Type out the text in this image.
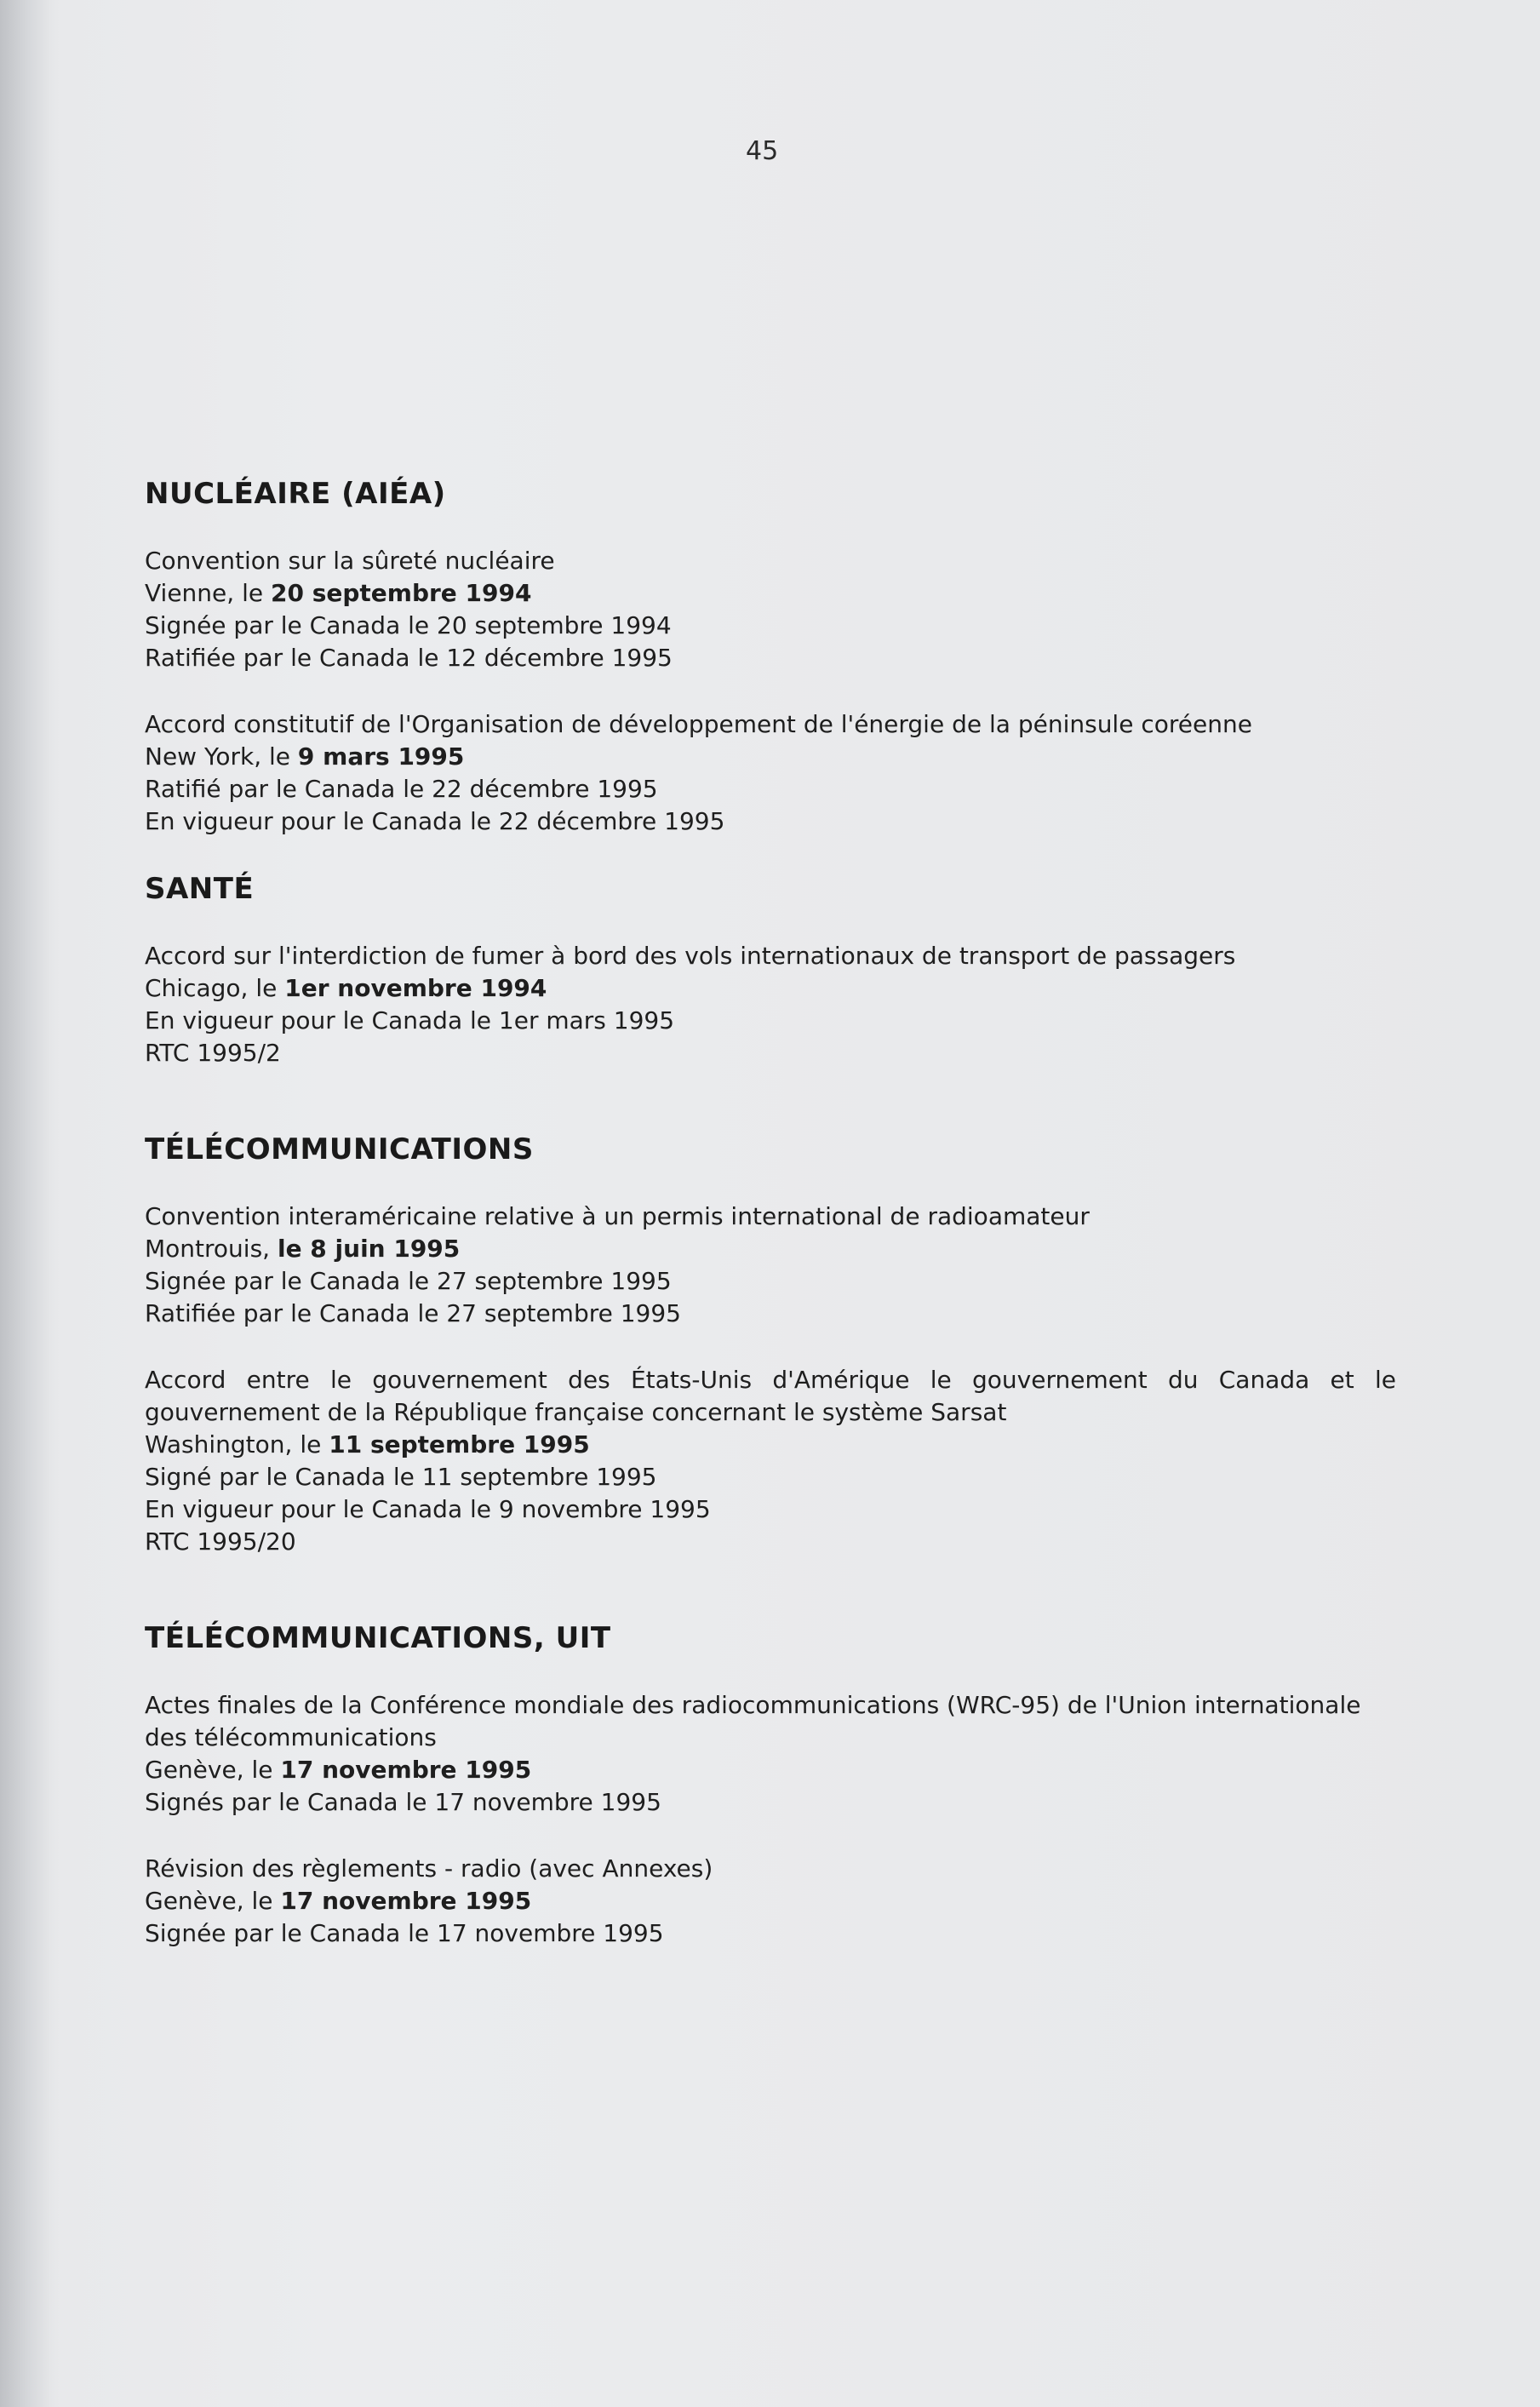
45
NUCLÉAIRE (AIÉA)
Convention sur la sûreté nucléaire
Vienne, le 20 septembre 1994
Signée par le Canada le 20 septembre 1994
Ratifiée par le Canada le 12 décembre 1995
Accord constitutif de l'Organisation de développement de l'énergie de la péninsule coréenne
New York, le 9 mars 1995
Ratifié par le Canada le 22 décembre 1995
En vigueur pour le Canada le 22 décembre 1995
SANTÉ
Accord sur l'interdiction de fumer à bord des vols internationaux de transport de passagers
Chicago, le 1er novembre 1994
En vigueur pour le Canada le 1er mars 1995
RTC 1995/2
TÉLÉCOMMUNICATIONS
Convention interaméricaine relative à un permis international de radioamateur
Montrouis, le 8 juin 1995
Signée par le Canada le 27 septembre 1995
Ratifiée par le Canada le 27 septembre 1995
Accord entre le gouvernement des États-Unis d'Amérique le gouvernement du Canada et le gouvernement de la République française concernant le système Sarsat
Washington, le 11 septembre 1995
Signé par le Canada le 11 septembre 1995
En vigueur pour le Canada le 9 novembre 1995
RTC 1995/20
TÉLÉCOMMUNICATIONS, UIT
Actes finales de la Conférence mondiale des radiocommunications (WRC-95) de l'Union internationale des télécommunications
Genève, le 17 novembre 1995
Signés par le Canada le 17 novembre 1995
Révision des règlements - radio (avec Annexes)
Genève, le 17 novembre 1995
Signée par le Canada le 17 novembre 1995
